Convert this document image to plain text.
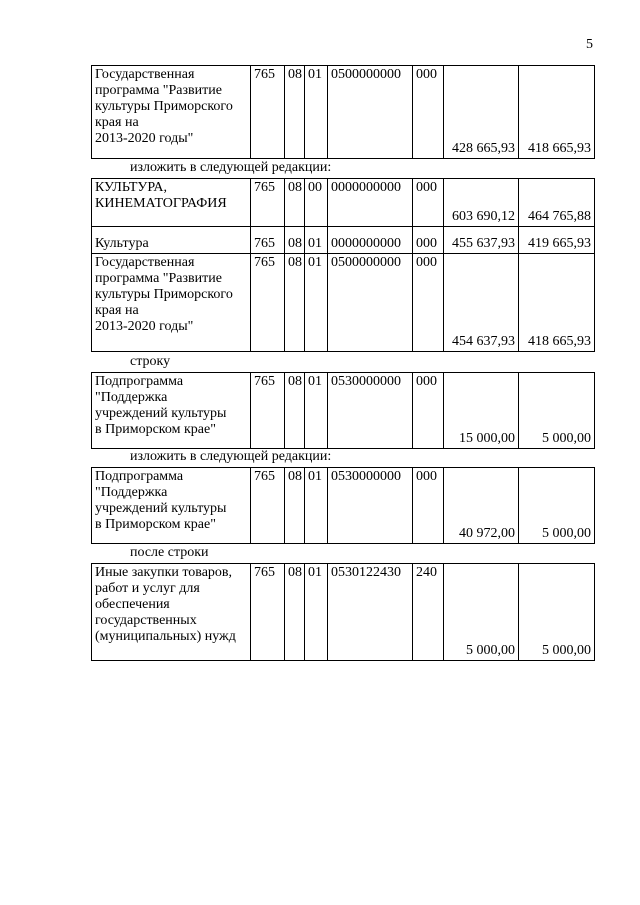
5
Государственная
программа "Развитие
культуры Приморского
края на
2013-2020 годы"	765	08	01	0500000000	000	428 665,93	418 665,93
изложить в следующей редакции:
КУЛЬТУРА,
КИНЕМАТОГРАФИЯ	765	08	00	0000000000	000	603 690,12	464 765,88
Культура	765	08	01	0000000000	000	455 637,93	419 665,93
Государственная
программа "Развитие
культуры Приморского
края на
2013-2020 годы"	765	08	01	0500000000	000	454 637,93	418 665,93
строку
Подпрограмма
"Поддержка
учреждений культуры
в Приморском крае"	765	08	01	0530000000	000	15 000,00	5 000,00
изложить в следующей редакции:
Подпрограмма
"Поддержка
учреждений культуры
в Приморском крае"	765	08	01	0530000000	000	40 972,00	5 000,00
после строки
Иные закупки товаров,
работ и услуг для
обеспечения
государственных
(муниципальных) нужд	765	08	01	0530122430	240	5 000,00	5 000,00
